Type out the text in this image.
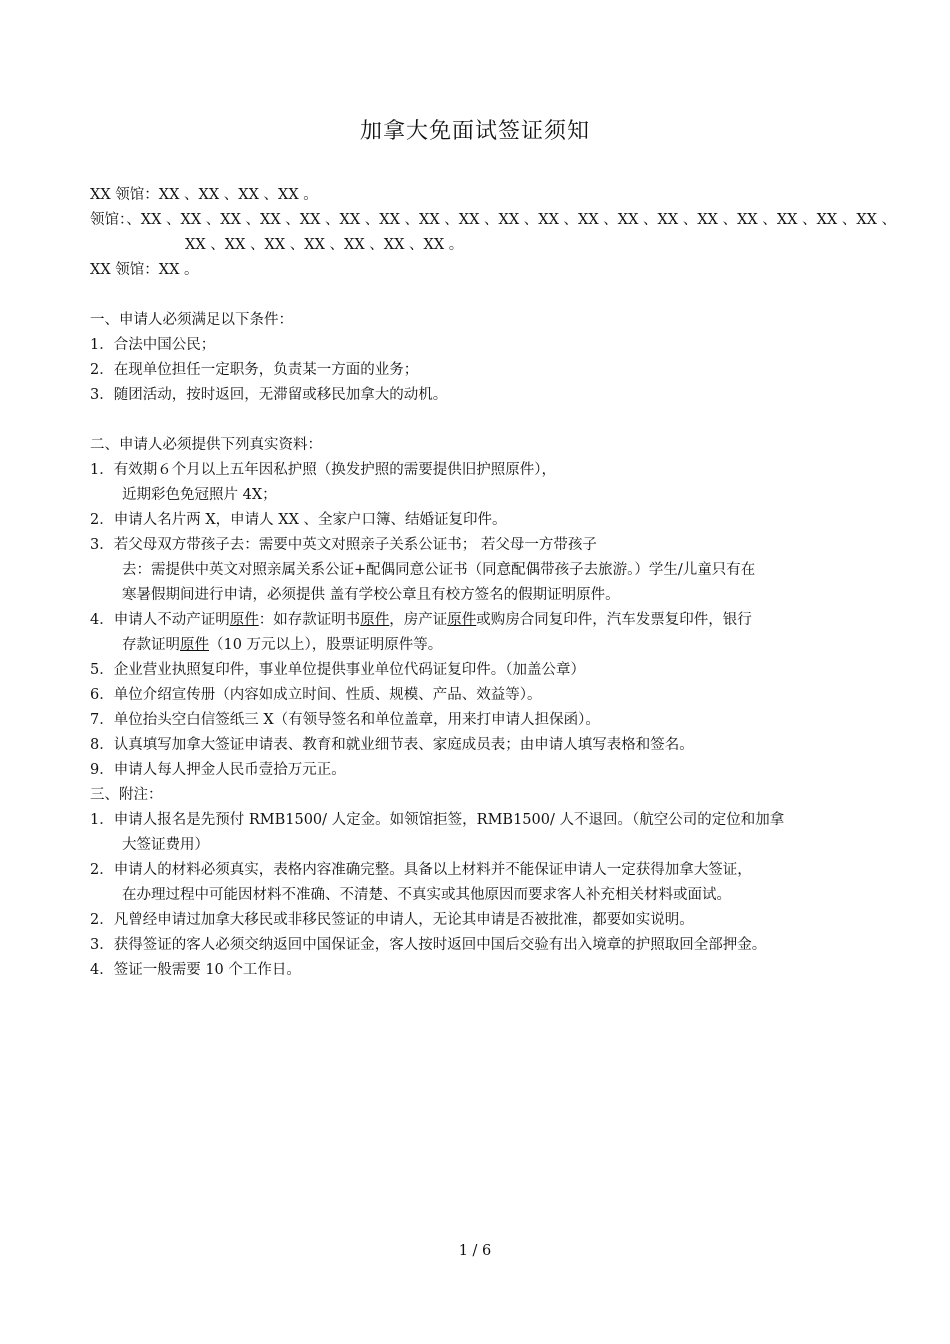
加拿大免面试签证须知
XX 领馆：XX 、XX 、XX 、XX 。
领馆：、XX 、XX 、XX 、XX 、XX 、XX 、XX 、XX 、XX 、XX 、XX 、XX 、XX 、XX 、XX 、XX 、XX 、XX 、XX 、
XX 、XX 、XX 、XX 、XX 、XX 、XX 。
XX 领馆：XX 。
一、申请人必须满足以下条件：
1．合法中国公民；
2．在现单位担任一定职务，负责某一方面的业务；
3．随团活动，按时返回，无滞留或移民加拿大的动机。
二、申请人必须提供下列真实资料：
1．有效期６个月以上五年因私护照（换发护照的需要提供旧护照原件），
近期彩色免冠照片 4X；
2．申请人名片两 X，申请人 XX 、全家户口簿、结婚证复印件。
3．若父母双方带孩子去：需要中英文对照亲子关系公证书； 若父母一方带孩子
去：需提供中英文对照亲属关系公证+配偶同意公证书（同意配偶带孩子去旅游。）学生/儿童只有在
寒暑假期间进行申请，必须提供 盖有学校公章且有校方签名的假期证明原件。
4．申请人不动产证明原件：如存款证明书原件，房产证原件或购房合同复印件，汽车发票复印件，银行
存款证明原件（10 万元以上），股票证明原件等。
5．企业营业执照复印件，事业单位提供事业单位代码证复印件。（加盖公章）
6．单位介绍宣传册（内容如成立时间、性质、规模、产品、效益等）。
7．单位抬头空白信签纸三 X（有领导签名和单位盖章，用来打申请人担保函）。
8．认真填写加拿大签证申请表、教育和就业细节表、家庭成员表；由申请人填写表格和签名。
9．申请人每人押金人民币壹拾万元正。
三、附注：
1．申请人报名是先预付 RMB1500/ 人定金。如领馆拒签，RMB1500/ 人不退回。（航空公司的定位和加拿
大签证费用）
2．申请人的材料必须真实，表格内容准确完整。具备以上材料并不能保证申请人一定获得加拿大签证，
在办理过程中可能因材料不准确、不清楚、不真实或其他原因而要求客人补充相关材料或面试。
2．凡曾经申请过加拿大移民或非移民签证的申请人，无论其申请是否被批准，都要如实说明。
3．获得签证的客人必须交纳返回中国保证金，客人按时返回中国后交验有出入境章的护照取回全部押金。
4．签证一般需要 10 个工作日。
1 / 6
